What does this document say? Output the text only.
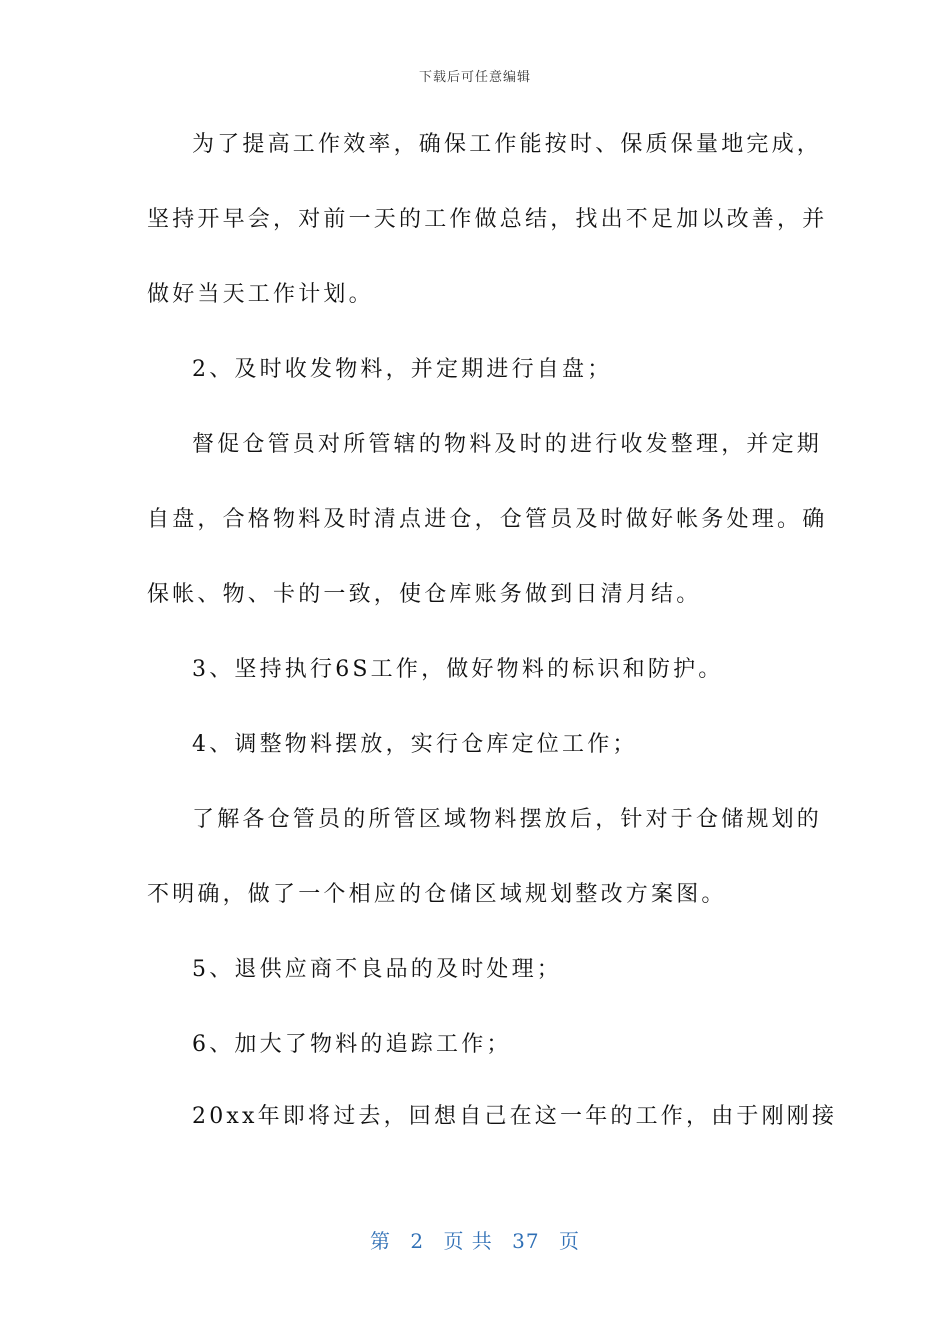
下载后可任意编辑
为了提高工作效率，确保工作能按时、保质保量地完成，
坚持开早会，对前一天的工作做总结，找出不足加以改善，并
做好当天工作计划。
2、及时收发物料，并定期进行自盘；
督促仓管员对所管辖的物料及时的进行收发整理，并定期
自盘，合格物料及时清点进仓，仓管员及时做好帐务处理。确
保帐、物、卡的一致，使仓库账务做到日清月结。
3、坚持执行6S工作，做好物料的标识和防护。
4、调整物料摆放，实行仓库定位工作；
了解各仓管员的所管区域物料摆放后，针对于仓储规划的
不明确，做了一个相应的仓储区域规划整改方案图。
5、退供应商不良品的及时处理；
6、加大了物料的追踪工作；
20xx年即将过去，回想自己在这一年的工作，由于刚刚接
第 2 页 共 37 页
